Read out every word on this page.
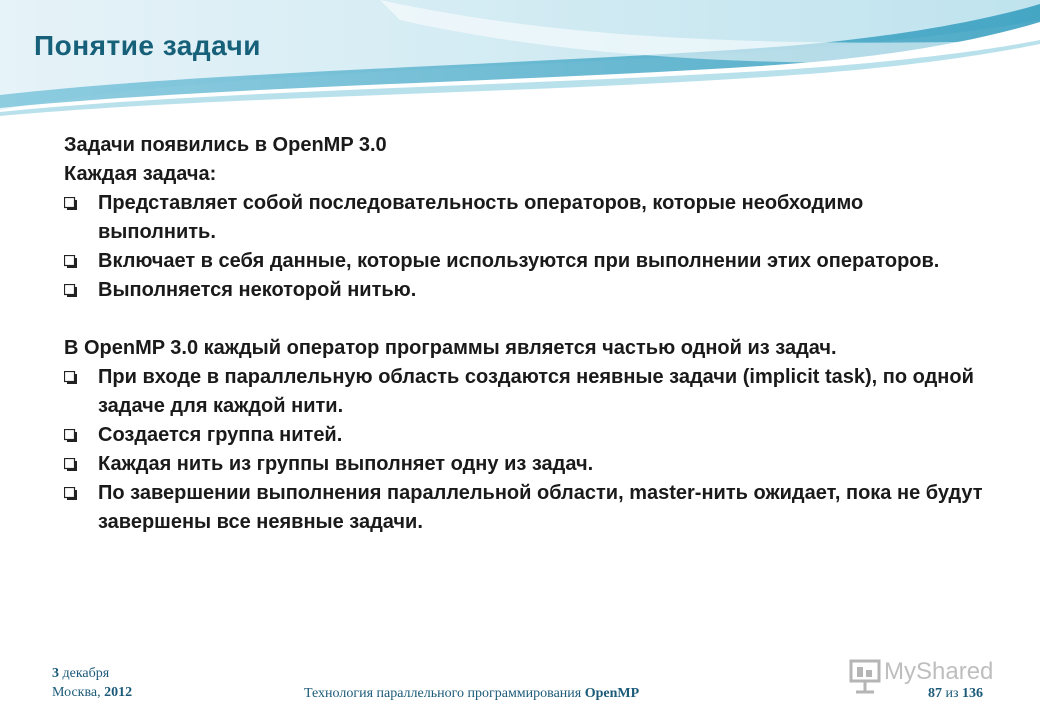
Понятие задачи

Задачи появились в OpenMP 3.0

Каждая задача:

Представляет собой последовательность операторов, которые необходимо выполнить.
Включает в себя данные, которые используются при выполнении этих операторов.
Выполняется некоторой нитью.

В OpenMP 3.0 каждый оператор программы является частью одной из задач.

При входе в параллельную область создаются неявные задачи (implicit task), по одной задаче для каждой нити.
Создается группа нитей.
Каждая нить из группы выполняет одну из задач.
По завершении выполнения параллельной области, master-нить ожидает, пока не будут завершены все неявные задачи.
3 декабря
Москва, 2012	Технология параллельного программирования OpenMP	87 из 136
MyShared
